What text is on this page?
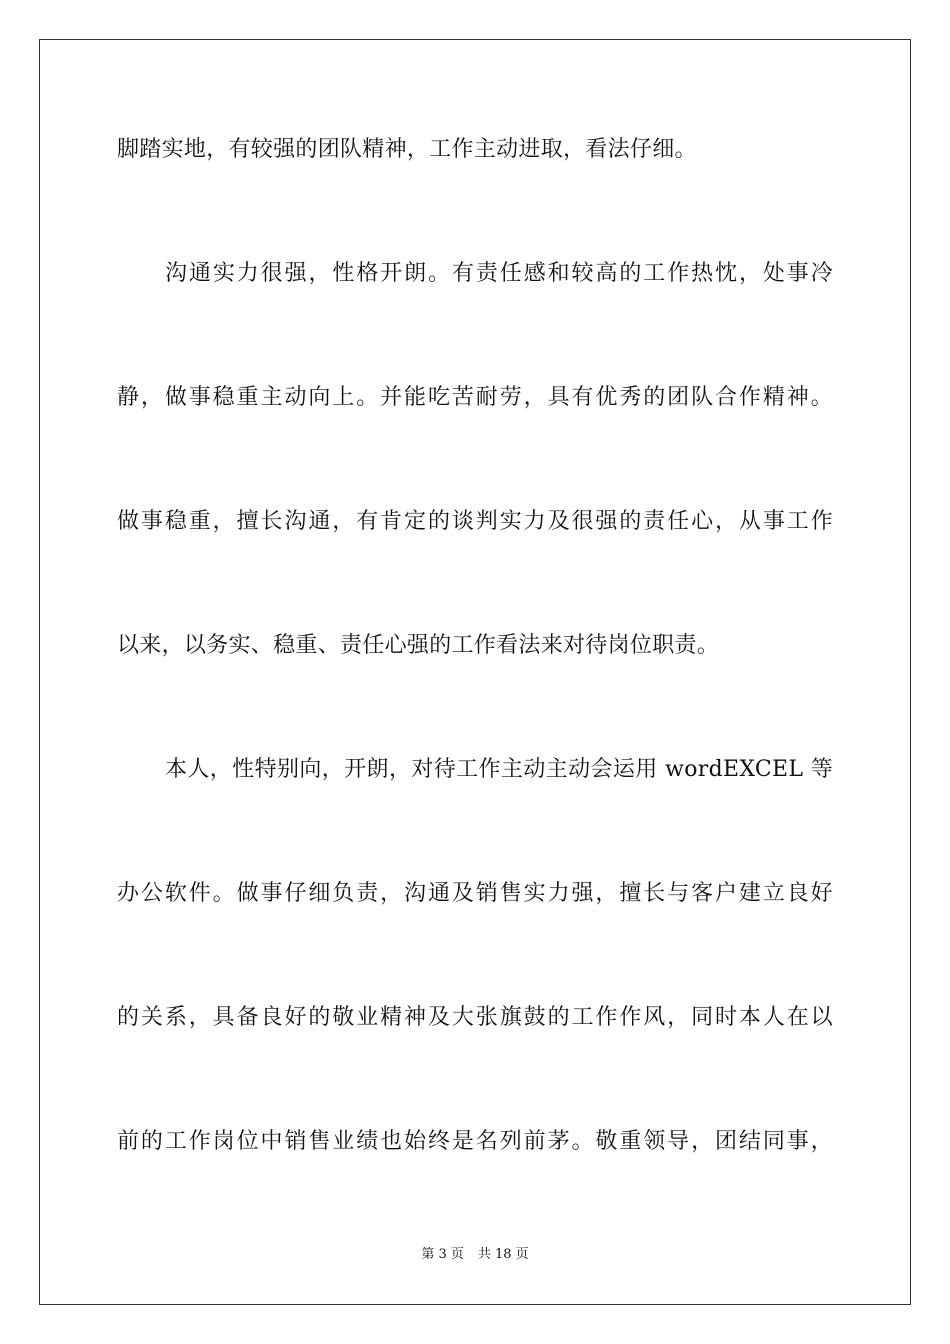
脚踏实地，有较强的团队精神，工作主动进取，看法仔细。
沟通实力很强，性格开朗。有责任感和较高的工作热忱，处事冷
静，做事稳重主动向上。并能吃苦耐劳，具有优秀的团队合作精神。
做事稳重，擅长沟通，有肯定的谈判实力及很强的责任心，从事工作
以来，以务实、稳重、责任心强的工作看法来对待岗位职责。
本人，性特别向，开朗，对待工作主动主动会运用 wordEXCEL 等
办公软件。做事仔细负责，沟通及销售实力强，擅长与客户建立良好
的关系，具备良好的敬业精神及大张旗鼓的工作作风，同时本人在以
前的工作岗位中销售业绩也始终是名列前茅。敬重领导，团结同事，
第 3 页 共 18 页
